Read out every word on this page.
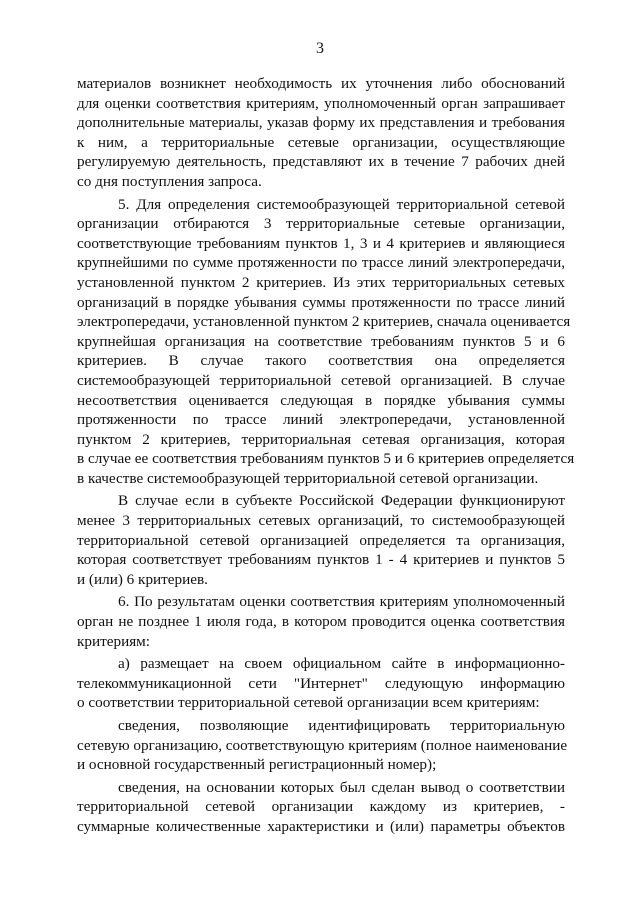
3
материалов возникнет необходимость их уточнения либо обоснований
для оценки соответствия критериям, уполномоченный орган запрашивает
дополнительные материалы, указав форму их представления и требования
к ним, а территориальные сетевые организации, осуществляющие
регулируемую деятельность, представляют их в течение 7 рабочих дней
со дня поступления запроса.
5. Для определения системообразующей территориальной сетевой
организации отбираются 3 территориальные сетевые организации,
соответствующие требованиям пунктов 1, 3 и 4 критериев и являющиеся
крупнейшими по сумме протяженности по трассе линий электропередачи,
установленной пунктом 2 критериев. Из этих территориальных сетевых
организаций в порядке убывания суммы протяженности по трассе линий
электропередачи, установленной пунктом 2 критериев, сначала оценивается
крупнейшая организация на соответствие требованиям пунктов 5 и 6
критериев. В случае такого соответствия она определяется
системообразующей территориальной сетевой организацией. В случае
несоответствия оценивается следующая в порядке убывания суммы
протяженности по трассе линий электропередачи, установленной
пунктом 2 критериев, территориальная сетевая организация, которая
в случае ее соответствия требованиям пунктов 5 и 6 критериев определяется
в качестве системообразующей территориальной сетевой организации.
В случае если в субъекте Российской Федерации функционируют
менее 3 территориальных сетевых организаций, то системообразующей
территориальной сетевой организацией определяется та организация,
которая соответствует требованиям пунктов 1 - 4 критериев и пунктов 5
и (или) 6 критериев.
6. По результатам оценки соответствия критериям уполномоченный
орган не позднее 1 июля года, в котором проводится оценка соответствия
критериям:
а) размещает на своем официальном сайте в информационно-
телекоммуникационной сети "Интернет" следующую информацию
о соответствии территориальной сетевой организации всем критериям:
сведения, позволяющие идентифицировать территориальную
сетевую организацию, соответствующую критериям (полное наименование
и основной государственный регистрационный номер);
сведения, на основании которых был сделан вывод о соответствии
территориальной сетевой организации каждому из критериев, -
суммарные количественные характеристики и (или) параметры объектов
